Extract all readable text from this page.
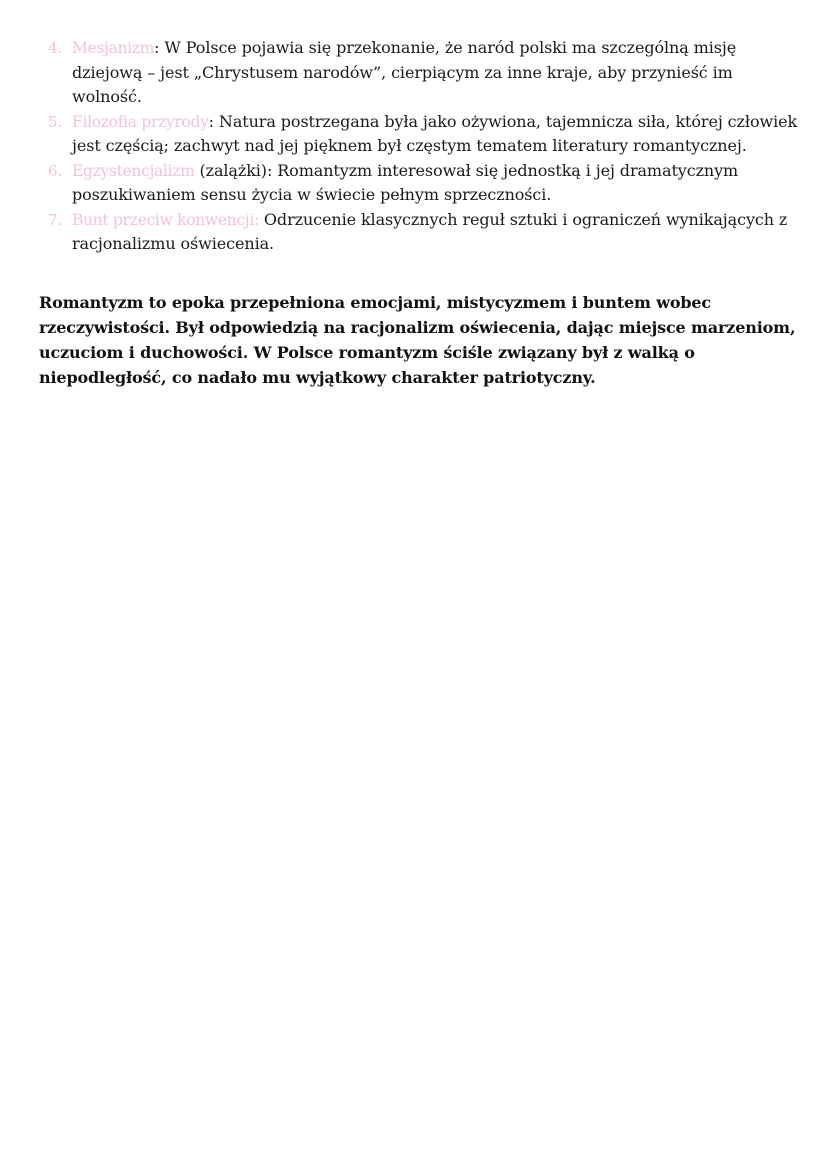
4. Mesjanizm: W Polsce pojawia się przekonanie, że naród polski ma szczególną misję dziejową – jest „Chrystusem narodów”, cierpiącym za inne kraje, aby przynieść im wolność.
5. Filozofia przyrody: Natura postrzegana była jako ożywiona, tajemnicza siła, której człowiek jest częścią; zachwyt nad jej pięknem był częstym tematem literatury romantycznej.
6. Egzystencjalizm (zalążki): Romantyzm interesował się jednostką i jej dramatycznym poszukiwaniem sensu życia w świecie pełnym sprzeczności.
7. Bunt przeciw konwencji: Odrzucenie klasycznych reguł sztuki i ograniczeń wynikających z racjonalizmu oświecenia.

Romantyzm to epoka przepełniona emocjami, mistycyzmem i buntem wobec rzeczywistości. Był odpowiedzią na racjonalizm oświecenia, dając miejsce marzeniom, uczuciom i duchowości. W Polsce romantyzm ściśle związany był z walką o niepodległość, co nadało mu wyjątkowy charakter patriotyczny.
